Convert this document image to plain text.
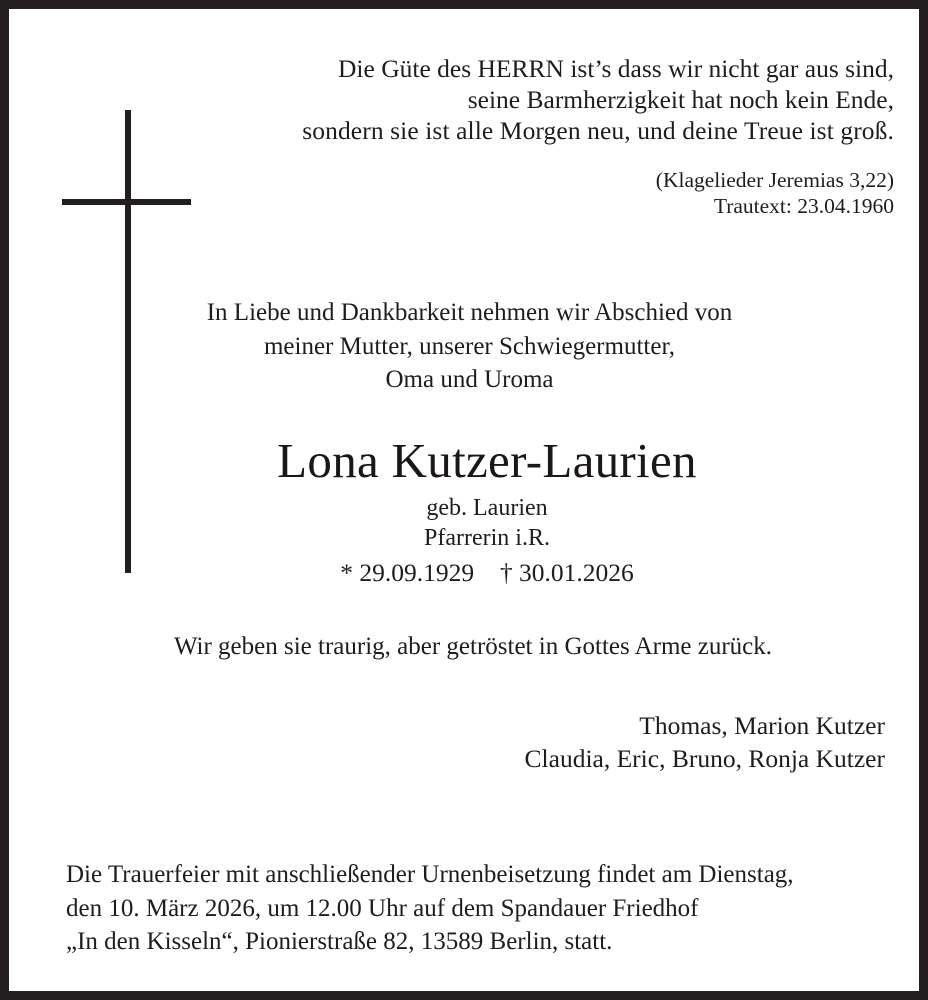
Die Güte des HERRN ist’s dass wir nicht gar aus sind,
seine Barmherzigkeit hat noch kein Ende,
sondern sie ist alle Morgen neu, und deine Treue ist groß.
(Klagelieder Jeremias 3,22)
Trautext: 23.04.1960
In Liebe und Dankbarkeit nehmen wir Abschied von
meiner Mutter, unserer Schwiegermutter,
Oma und Uroma
Lona Kutzer-Laurien
geb. Laurien
Pfarrerin i.R.
* 29.09.1929 † 30.01.2026
Wir geben sie traurig, aber getröstet in Gottes Arme zurück.
Thomas, Marion Kutzer
Claudia, Eric, Bruno, Ronja Kutzer
Die Trauerfeier mit anschließender Urnenbeisetzung findet am Dienstag,
den 10. März 2026, um 12.00 Uhr auf dem Spandauer Friedhof
„In den Kisseln“, Pionierstraße 82, 13589 Berlin, statt.
